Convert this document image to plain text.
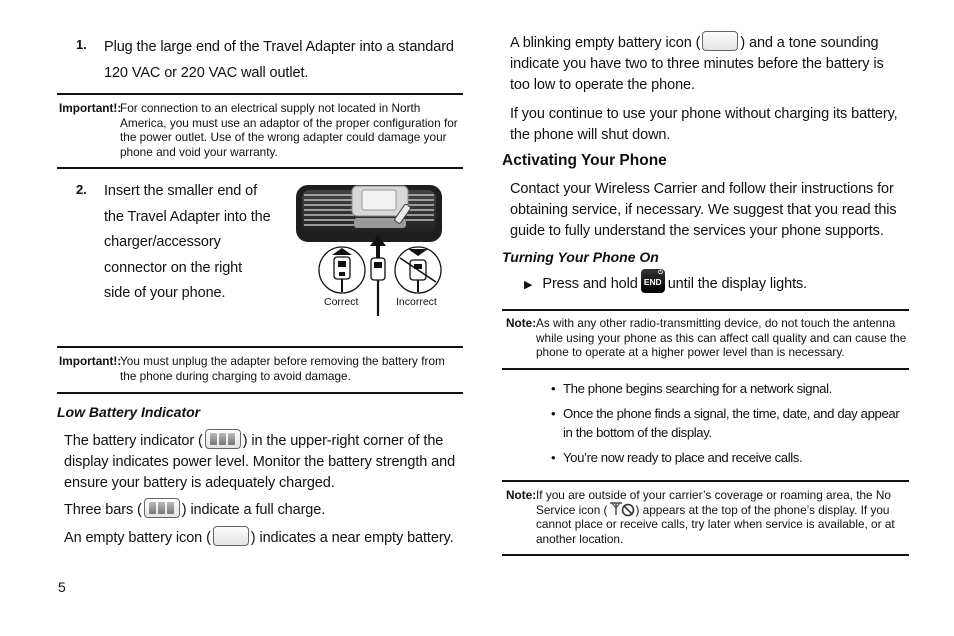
1. Plug the large end of the Travel Adapter into a standard 120 VAC or 220 VAC wall outlet.
Important!:
For connection to an electrical supply not located in North America, you must use an adaptor of the proper configuration for the power outlet. Use of the wrong adapter could damage your phone and void your warranty.
2. Insert the smaller end of
the Travel Adapter into the
charger/accessory
connector on the right
side of your phone.
Correct	Incorrect
Important!:
You must unplug the adapter before removing the battery from the phone during charging to avoid damage.
Low Battery Indicator
The battery indicator (	) in the upper-right corner of the display indicates power level. Monitor the battery strength and ensure your battery is adequately charged.
Three bars (	) indicate a full charge.
An empty battery icon (	) indicates a near empty battery.
5
A blinking empty battery icon (	) and a tone sounding indicate you have two to three minutes before the battery is too low to operate the phone.
If you continue to use your phone without charging its battery, the phone will shut down.
Activating Your Phone
Contact your Wireless Carrier and follow their instructions for obtaining service, if necessary. We suggest that you read this guide to fully understand the services your phone supports.
Turning Your Phone On
▶ Press and hold
⏻
END until the display lights.
Note: As with any other radio-transmitting device, do not touch the antenna while using your phone as this can affect call quality and can cause the phone to operate at a higher power level than is necessary.
• The phone begins searching for a network signal.
• Once the phone finds a signal, the time, date, and day appear in the bottom of the display.
• You’re now ready to place and receive calls.
Note: If you are outside of your carrier’s coverage or roaming area, the No Service icon ( ) appears at the top of the phone’s display. If you cannot place or receive calls, try later when service is available, or at another location.
